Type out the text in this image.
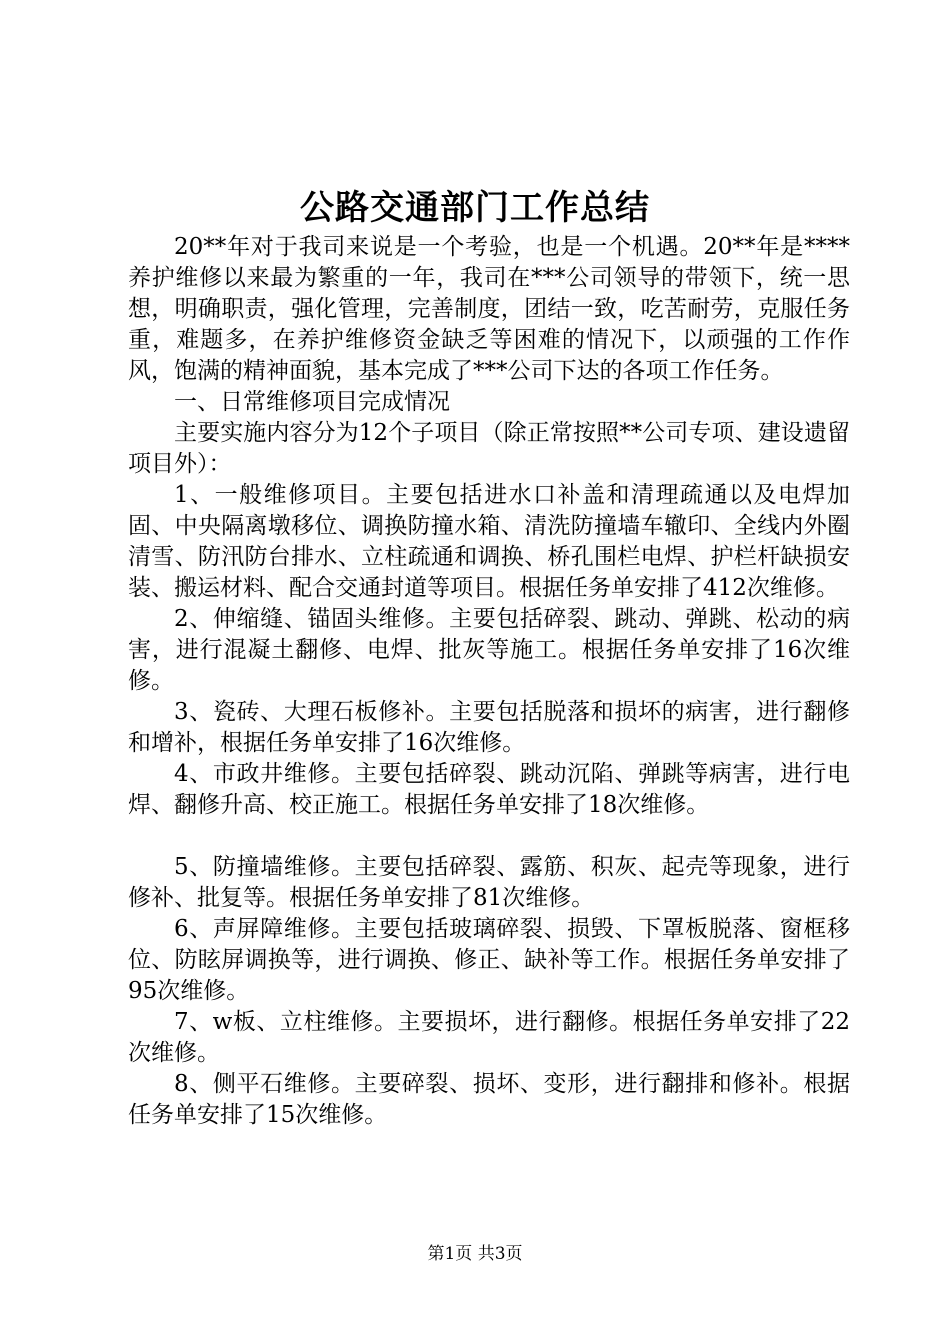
公路交通部门工作总结

20**年对于我司来说是一个考验，也是一个机遇。20**年是****养护维修以来最为繁重的一年，我司在***公司领导的带领下，统一思想，明确职责，强化管理，完善制度，团结一致，吃苦耐劳，克服任务重，难题多，在养护维修资金缺乏等困难的情况下，以顽强的工作作风，饱满的精神面貌，基本完成了***公司下达的各项工作任务。

一、日常维修项目完成情况

主要实施内容分为12个子项目（除正常按照**公司专项、建设遗留项目外）：

1、一般维修项目。主要包括进水口补盖和清理疏通以及电焊加固、中央隔离墩移位、调换防撞水箱、清洗防撞墙车辙印、全线内外圈清雪、防汛防台排水、立柱疏通和调换、桥孔围栏电焊、护栏杆缺损安装、搬运材料、配合交通封道等项目。根据任务单安排了412次维修。

2、伸缩缝、锚固头维修。主要包括碎裂、跳动、弹跳、松动的病害，进行混凝土翻修、电焊、批灰等施工。根据任务单安排了16次维修。

3、瓷砖、大理石板修补。主要包括脱落和损坏的病害，进行翻修和增补，根据任务单安排了16次维修。

4、市政井维修。主要包括碎裂、跳动沉陷、弹跳等病害，进行电焊、翻修升高、校正施工。根据任务单安排了18次维修。

5、防撞墙维修。主要包括碎裂、露筋、积灰、起壳等现象，进行修补、批复等。根据任务单安排了81次维修。

6、声屏障维修。主要包括玻璃碎裂、损毁、下罩板脱落、窗框移位、防眩屏调换等，进行调换、修正、缺补等工作。根据任务单安排了95次维修。

7、w板、立柱维修。主要损坏，进行翻修。根据任务单安排了22次维修。

8、侧平石维修。主要碎裂、损坏、变形，进行翻排和修补。根据任务单安排了15次维修。

第1页 共3页
